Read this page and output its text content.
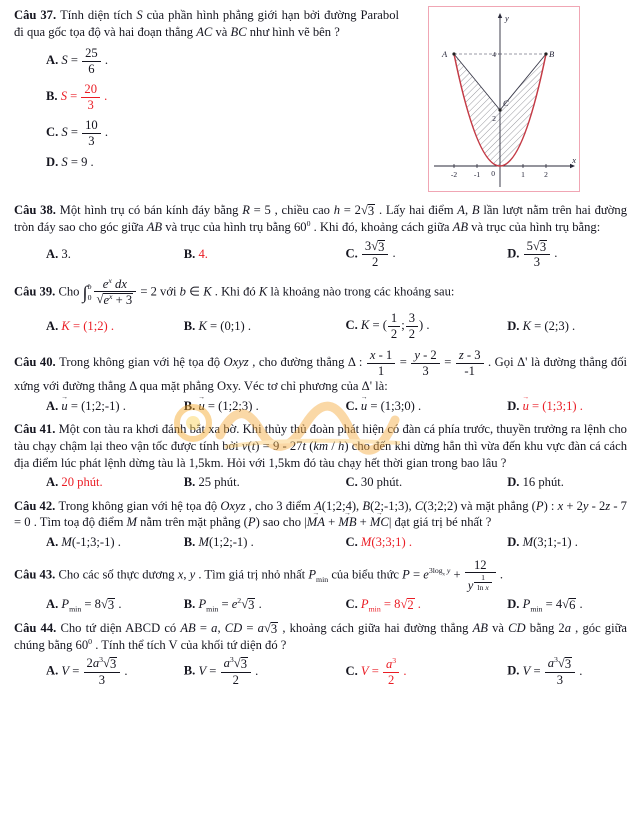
A	B
C
4
2
-2 -1 0	1	2
x
y
Câu 37. Tính diện tích S của phần hình phẳng giới hạn bởi đường Parabol đi qua gốc tọa độ và hai đoạn thẳng AC và BC như hình vẽ bên ?
A. $S = \frac{25}{6}$ .
B. $S = \frac{20}{3}$ .
C. $S = \frac{10}{3}$ .
D. S = 9 .
Câu 38. Một hình trụ có bán kính đáy bằng R = 5 , chiều cao h = 2 √ 3 . Lấy hai điểm A, B lần lượt nằm trên hai đường tròn đáy sao cho góc giữa AB và trục của hình trụ bằng $60^0$ . Khi đó, khoảng cách giữa AB và trục của hình trụ bằng:
A. 3.	B. 4.	C. $\frac{3 √ 3}{2}$ .	D. $\frac{5 √ 3}{3}$ .
Câu 39. Cho ∫ b
$0 \frac{e^x dx}{√ e^x + 3} = 2$ với b ∈ K . Khi đó K là khoảng nào trong các khoảng sau:
A. K = (1;2) .	B. K = (0;1) .	C. K = ( $\frac{1}{2}$ ; $\frac{3}{2}$ ) .	D. K = (2;3) .
Câu 40. Trong không gian với hệ tọa độ Oxyz , cho đường thẳng Δ : $\frac{x - 1}{1} = \frac{y - 2}{3} = \frac{z - 3}{-1}$ . Gọi Δ' là đường thẳng đối xứng với đường thẳng Δ qua mặt phẳng Oxy. Véc tơ chỉ phương của Δ' là:
A. u → = (1;2;-1) .	B. u → = (1;2;3) .	C. u → = (1;3;0) .	D. u → = (1;3;1) .
Câu 41. Một con tàu ra khơi đánh bắt xa bờ. Khi thủy thủ đoàn phát hiện có đàn cá phía trước, thuyền trưởng ra lệnh cho tàu chạy chậm lại theo vận tốc được tính bởi v(t) = 9 - 27t (km / h) cho đến khi dừng hẳn thì vừa đến khu vực đàn cá cách địa điểm lúc phát lệnh dừng tàu là 1,5km. Hỏi với 1,5km đó tàu chạy hết thời gian trong bao lâu ?
A. 20 phút.	B. 25 phút.	C. 30 phút.	D. 16 phút.
Câu 42. Trong không gian với hệ tọa độ Oxyz , cho 3 điểm A(1;2;4), B(2;-1;3), C(3;2;2) và mặt phẳng (P) : x + 2y - 2z - 7 = 0 . Tìm toạ độ điểm M nằm trên mặt phẳng (P) sao cho |MA → + MB → + MC →| đạt giá trị bé nhất ?
A. M(-1;3;-1) .	B. M(1;2;-1) .	C. M(3;3;1) .	D. M(3;1;-1) .
Câu 43. Cho các số thực dương x, y . Tìm giá trị nhỏ nhất $P_{min}$ của biểu thức $P = e^{3log_x y} + 12$
y $^{\frac{1}{\text{ln x}}}$ .
A. $P_{min} = 8$ √ 3 .	B. $P_{min} = e^2$ √ 3 .	C. $P_{min} = 8$ √ 2 .	D. $P_{min} = 4$ √ 6 .
Câu 44. Cho tứ diện ABCD có AB = a, CD = a √ 3 , khoảng cách giữa hai đường thẳng AB và CD bằng 2a , góc giữa chúng bằng $60^0$ . Tính thể tích V của khối tứ diện đó ?
A. $V = \frac{2a^3 √ 3}{3}$ .	B. $V = \frac{a^3 √ 3}{2}$ .	C. $V = \frac{a^3}{2}$ .	D. $V = \frac{a^3 √ 3}{3}$ .
